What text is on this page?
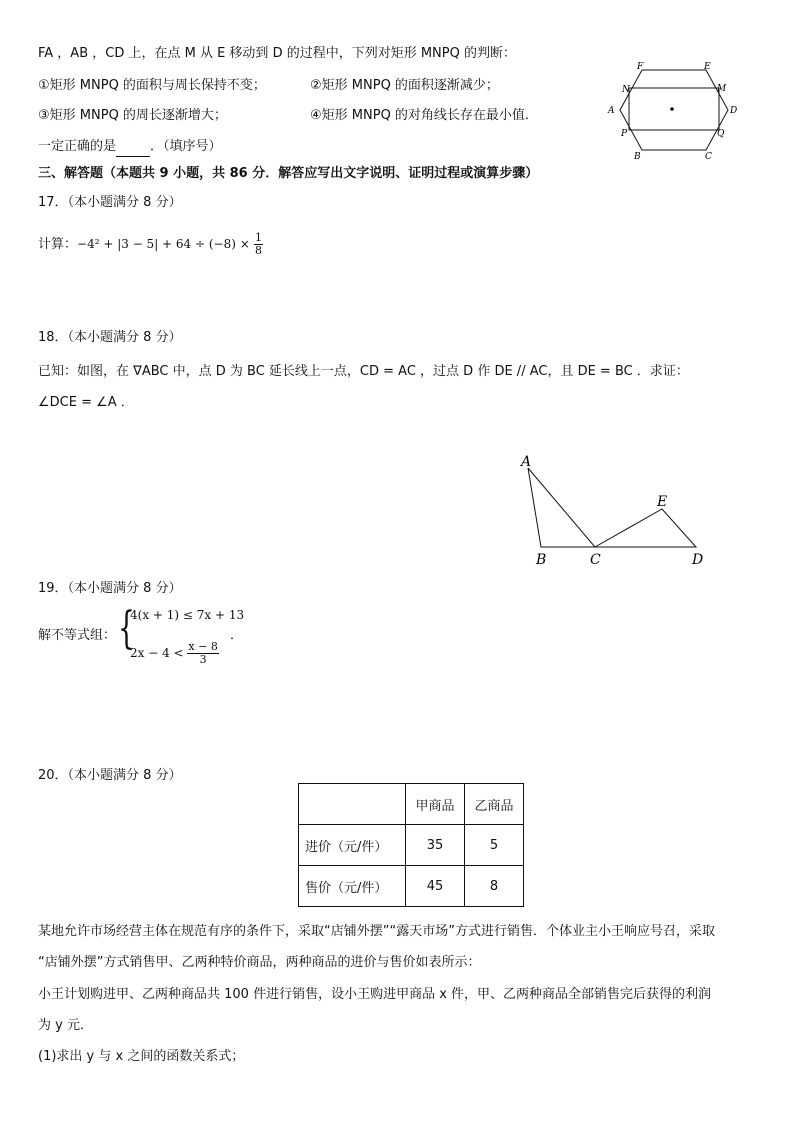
FA ，AB ，CD 上，在点 M 从 E 移动到 D 的过程中，下列对矩形 MNPQ 的判断：
①矩形 MNPQ 的面积与周长保持不变；	②矩形 MNPQ 的面积逐渐减少；
③矩形 MNPQ 的周长逐渐增大；	④矩形 MNPQ 的对角线长存在最小值．
一定正确的是	．（填序号）
F	E
N	M
A	D
P	Q
B	C
三、解答题（本题共 9 小题，共 86 分．解答应写出文字说明、证明过程或演算步骤）
17．（本小题满分 8 分）
计算：$-4^2 + |3 - 5| + 64 \div (-8) \times \frac{1}{8}$
18．（本小题满分 8 分）
已知：如图，在 ∇ABC 中，点 D 为 BC 延长线上一点，CD = AC ，过点 D 作 DE // AC，且 DE = BC ．求证：
∠DCE = ∠A ．
A
B	C	D
E
19．（本小题满分 8 分）
解不等式组： {
4(x + 1) ≤ 7x + 13
$2x - 4 < \frac{x - 8}{3}$
．
20．（本小题满分 8 分）
	甲商品	乙商品
进价（元/件）	35	5
售价（元/件）	45	8
某地允许市场经营主体在规范有序的条件下，采取“店铺外摆”“露天市场”方式进行销售．个体业主小王响应号召，采取
“店铺外摆”方式销售甲、乙两种特价商品，两种商品的进价与售价如表所示：
小王计划购进甲、乙两种商品共 100 件进行销售，设小王购进甲商品 x 件，甲、乙两种商品全部销售完后获得的利润
为 y 元．
(1)求出 y 与 x 之间的函数关系式；
